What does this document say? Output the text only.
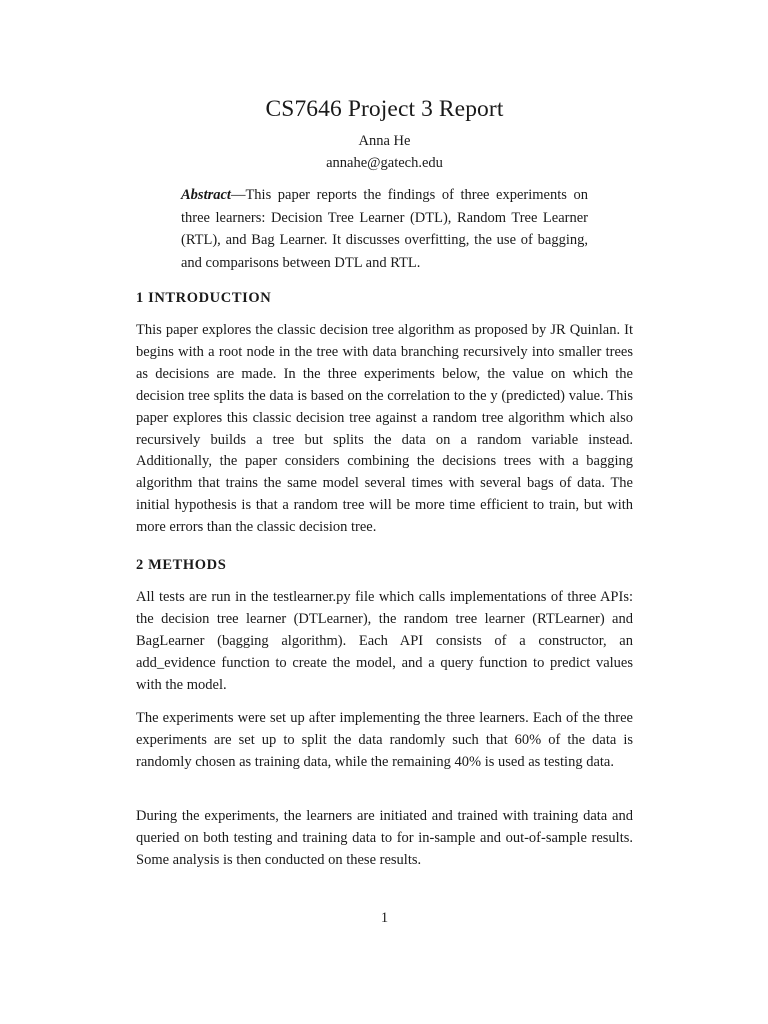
CS7646 Project 3 Report
Anna He
annahe@gatech.edu

Abstract—This paper reports the findings of three experiments on three learners: Decision Tree Learner (DTL), Random Tree Learner (RTL), and Bag Learner. It discusses overfitting, the use of bagging, and comparisons between DTL and RTL.

1 INTRODUCTION

This paper explores the classic decision tree algorithm as proposed by JR Quinlan. It begins with a root node in the tree with data branching recursively into smaller trees as decisions are made. In the three experiments below, the value on which the decision tree splits the data is based on the correlation to the y (predicted) value. This paper explores this classic decision tree against a random tree algorithm which also recursively builds a tree but splits the data on a random variable instead. Additionally, the paper considers combining the decisions trees with a bagging algorithm that trains the same model several times with several bags of data. The initial hypothesis is that a random tree will be more time efficient to train, but with more errors than the classic decision tree.

2 METHODS

All tests are run in the testlearner.py file which calls implementations of three APIs: the decision tree learner (DTLearner), the random tree learner (RTLearner) and BagLearner (bagging algorithm). Each API consists of a constructor, an add_evidence function to create the model, and a query function to predict values with the model.

The experiments were set up after implementing the three learners. Each of the three experiments are set up to split the data randomly such that 60% of the data is randomly chosen as training data, while the remaining 40% is used as testing data.

During the experiments, the learners are initiated and trained with training data and queried on both testing and training data to for in-sample and out-of-sample results. Some analysis is then conducted on these results.

1
